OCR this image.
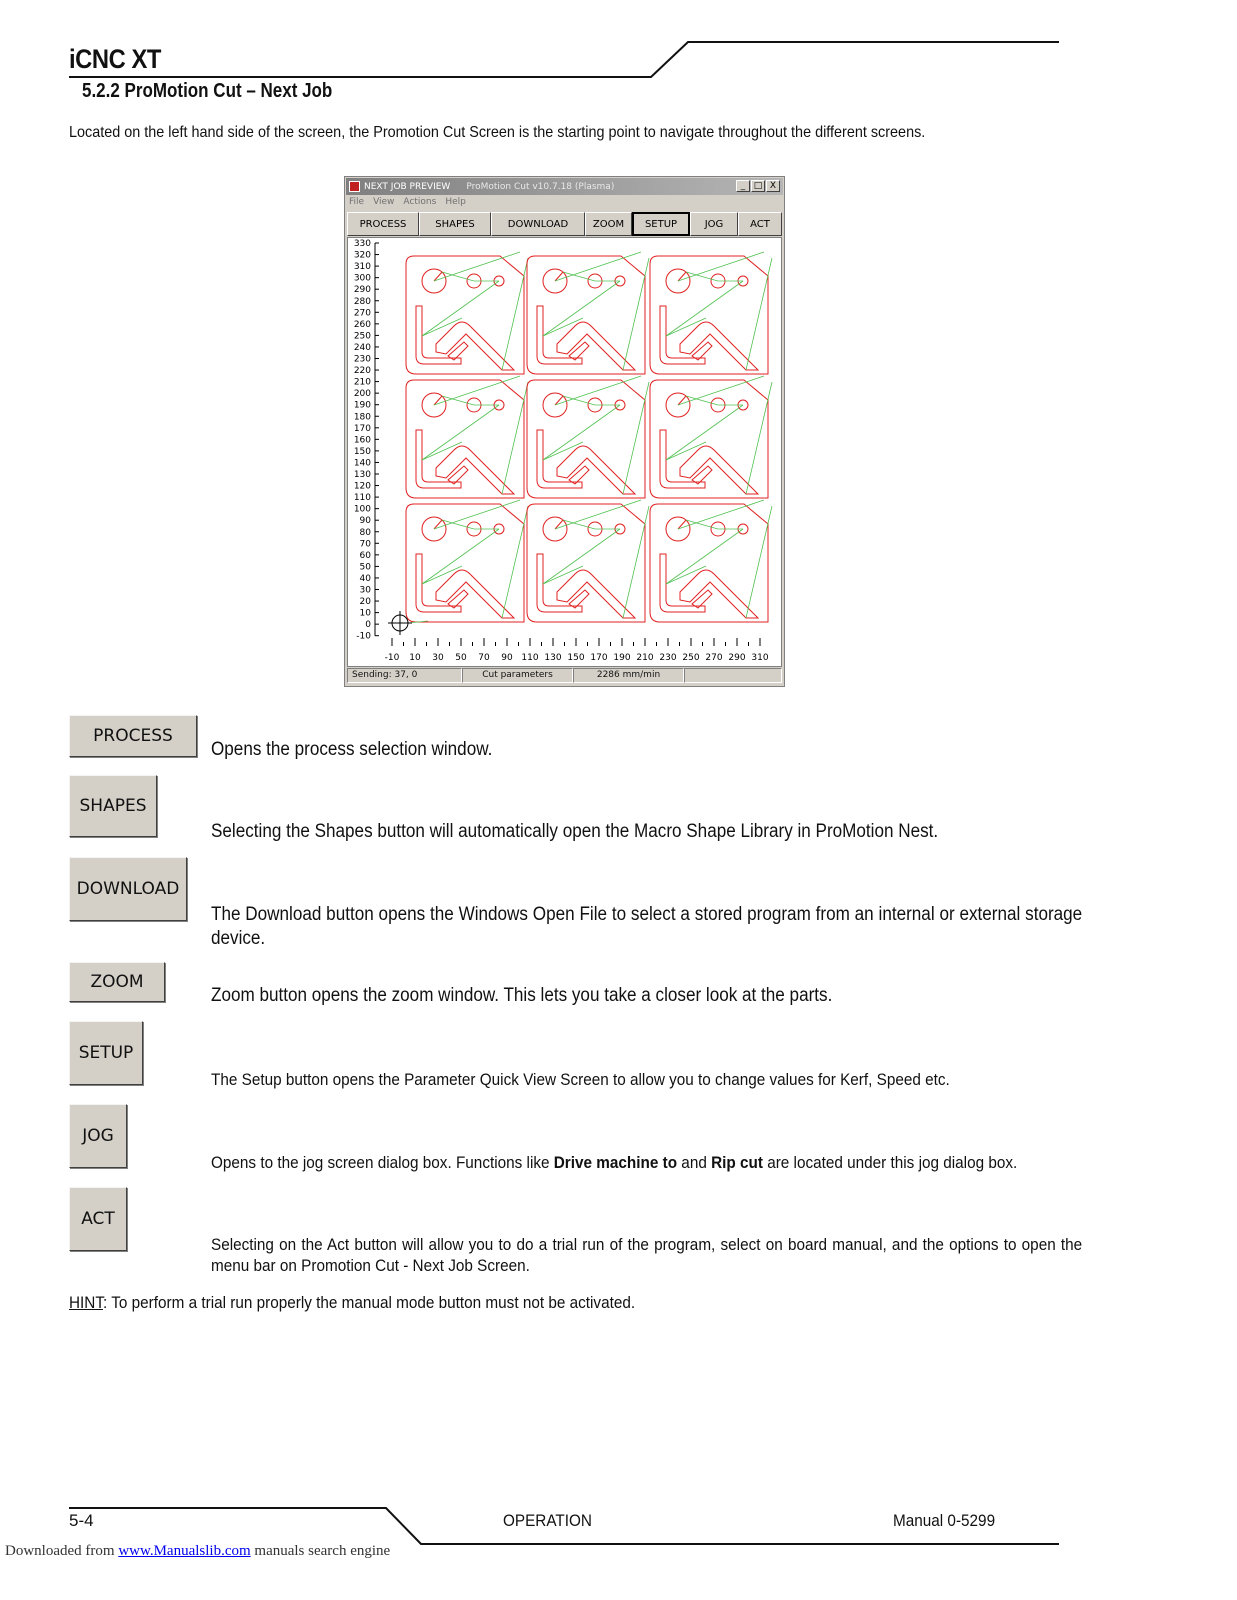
iCNC XT
5.2.2 ProMotion Cut – Next Job
Located on the left hand side of the screen, the Promotion Cut Screen is the starting point to navigate throughout the different screens.
NEXT JOB PREVIEW ProMotion Cut v10.7.18 (Plasma)	_ □ X
File View Actions Help
PROCESS	SHAPES	DOWNLOAD	ZOOM	SETUP	JOG	ACT
330
320
310
300
290
280
270
260
250
240
230
220
210
200
190
180
170
160
150
140
130
120
110
100
90
80
70
60
50
40
30
20
10
0
-10
-10 10 30 50 70 90 110 130 150 170 190 210 230 250 270 290 310
Sending: 37, 0	Cut parameters	2286 mm/min
PROCESS
Opens the process selection window.
SHAPES
Selecting the Shapes button will automatically open the Macro Shape Library in ProMotion Nest.
DOWNLOAD
The Download button opens the Windows Open File to select a stored program from an internal or external storage device.
ZOOM
Zoom button opens the zoom window. This lets you take a closer look at the parts.
SETUP
The Setup button opens the Parameter Quick View Screen to allow you to change values for Kerf, Speed etc.
JOG
Opens to the jog screen dialog box. Functions like Drive machine to and Rip cut are located under this jog dialog box.
ACT
Selecting on the Act button will allow you to do a trial run of the program, select on board manual, and the options to open the menu bar on Promotion Cut - Next Job Screen.
HINT: To perform a trial run properly the manual mode button must not be activated.
5-4	OPERATION	Manual 0-5299
Downloaded from www.Manualslib.com manuals search engine
